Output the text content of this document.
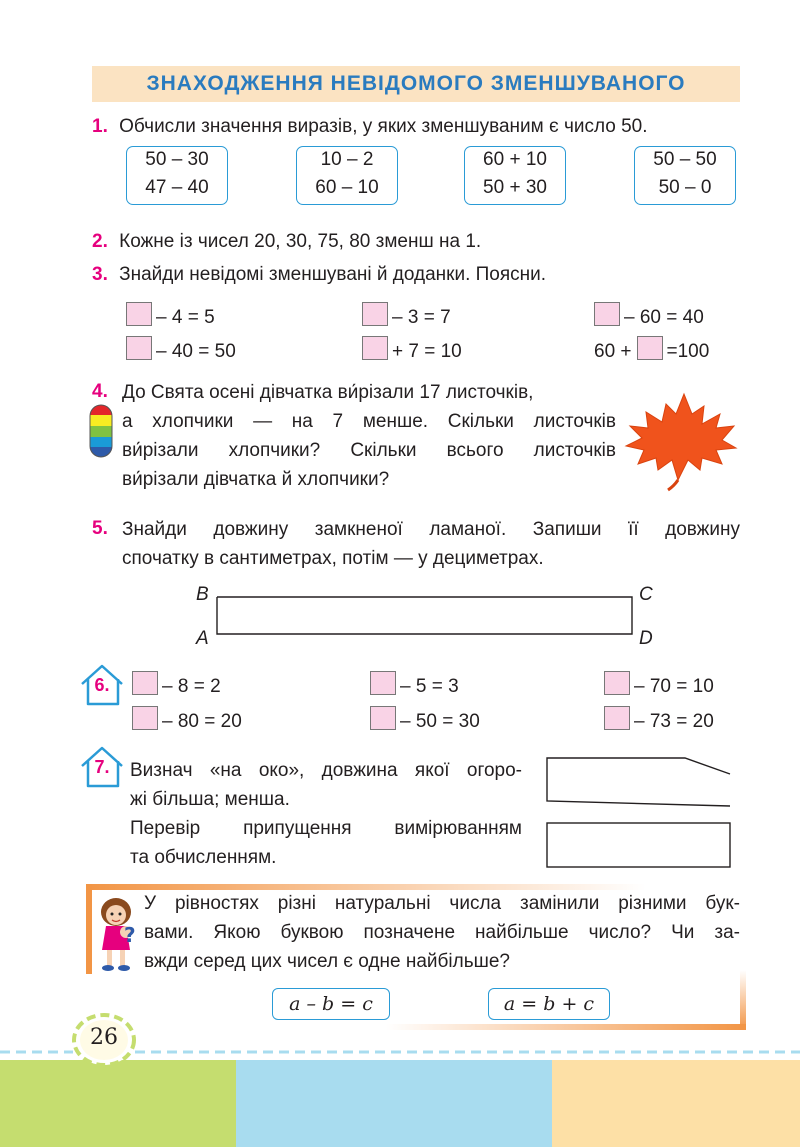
ЗНАХОДЖЕННЯ НЕВІДОМОГО ЗМЕНШУВАНОГО
1. Обчисли значення виразів, у яких зменшуваним є число 50.
50 – 30
47 – 40
10 – 2
60 – 10
60 + 10
50 + 30
50 – 50
50 – 0
2. Кожне із чисел 20, 30, 75, 80 зменш на 1.
3. Знайди невідомі зменшувані й доданки. Поясни.
– 4 = 5	– 3 = 7	– 60 = 40
– 40 = 50	+ 7 = 10	60 + =100
4. До Свята осені дівчатка ви́різали 17 листочків,
а хлопчики — на 7 менше. Скільки листочків
ви́різали хлопчики? Скільки всього листочків
ви́різали дівчатка й хлопчики?
5. Знайди довжину замкненої ламаної. Запиши її довжину
спочатку в сантиметрах, потім — у дециметрах.
B	C
A	D
6.	– 8 = 2	– 5 = 3	– 70 = 10
– 80 = 20	– 50 = 30	– 73 = 20
7.	Визнач «на око», довжина якої огоро-
жі більша; менша.
Перевір припущення вимірюванням
та обчисленням.
?
У рівностях різні натуральні числа замінили різними бук-
вами. Якою буквою позначене найбільше число? Чи за-
вжди серед цих чисел є одне найбільше?
a – b = c	a = b + c
26
